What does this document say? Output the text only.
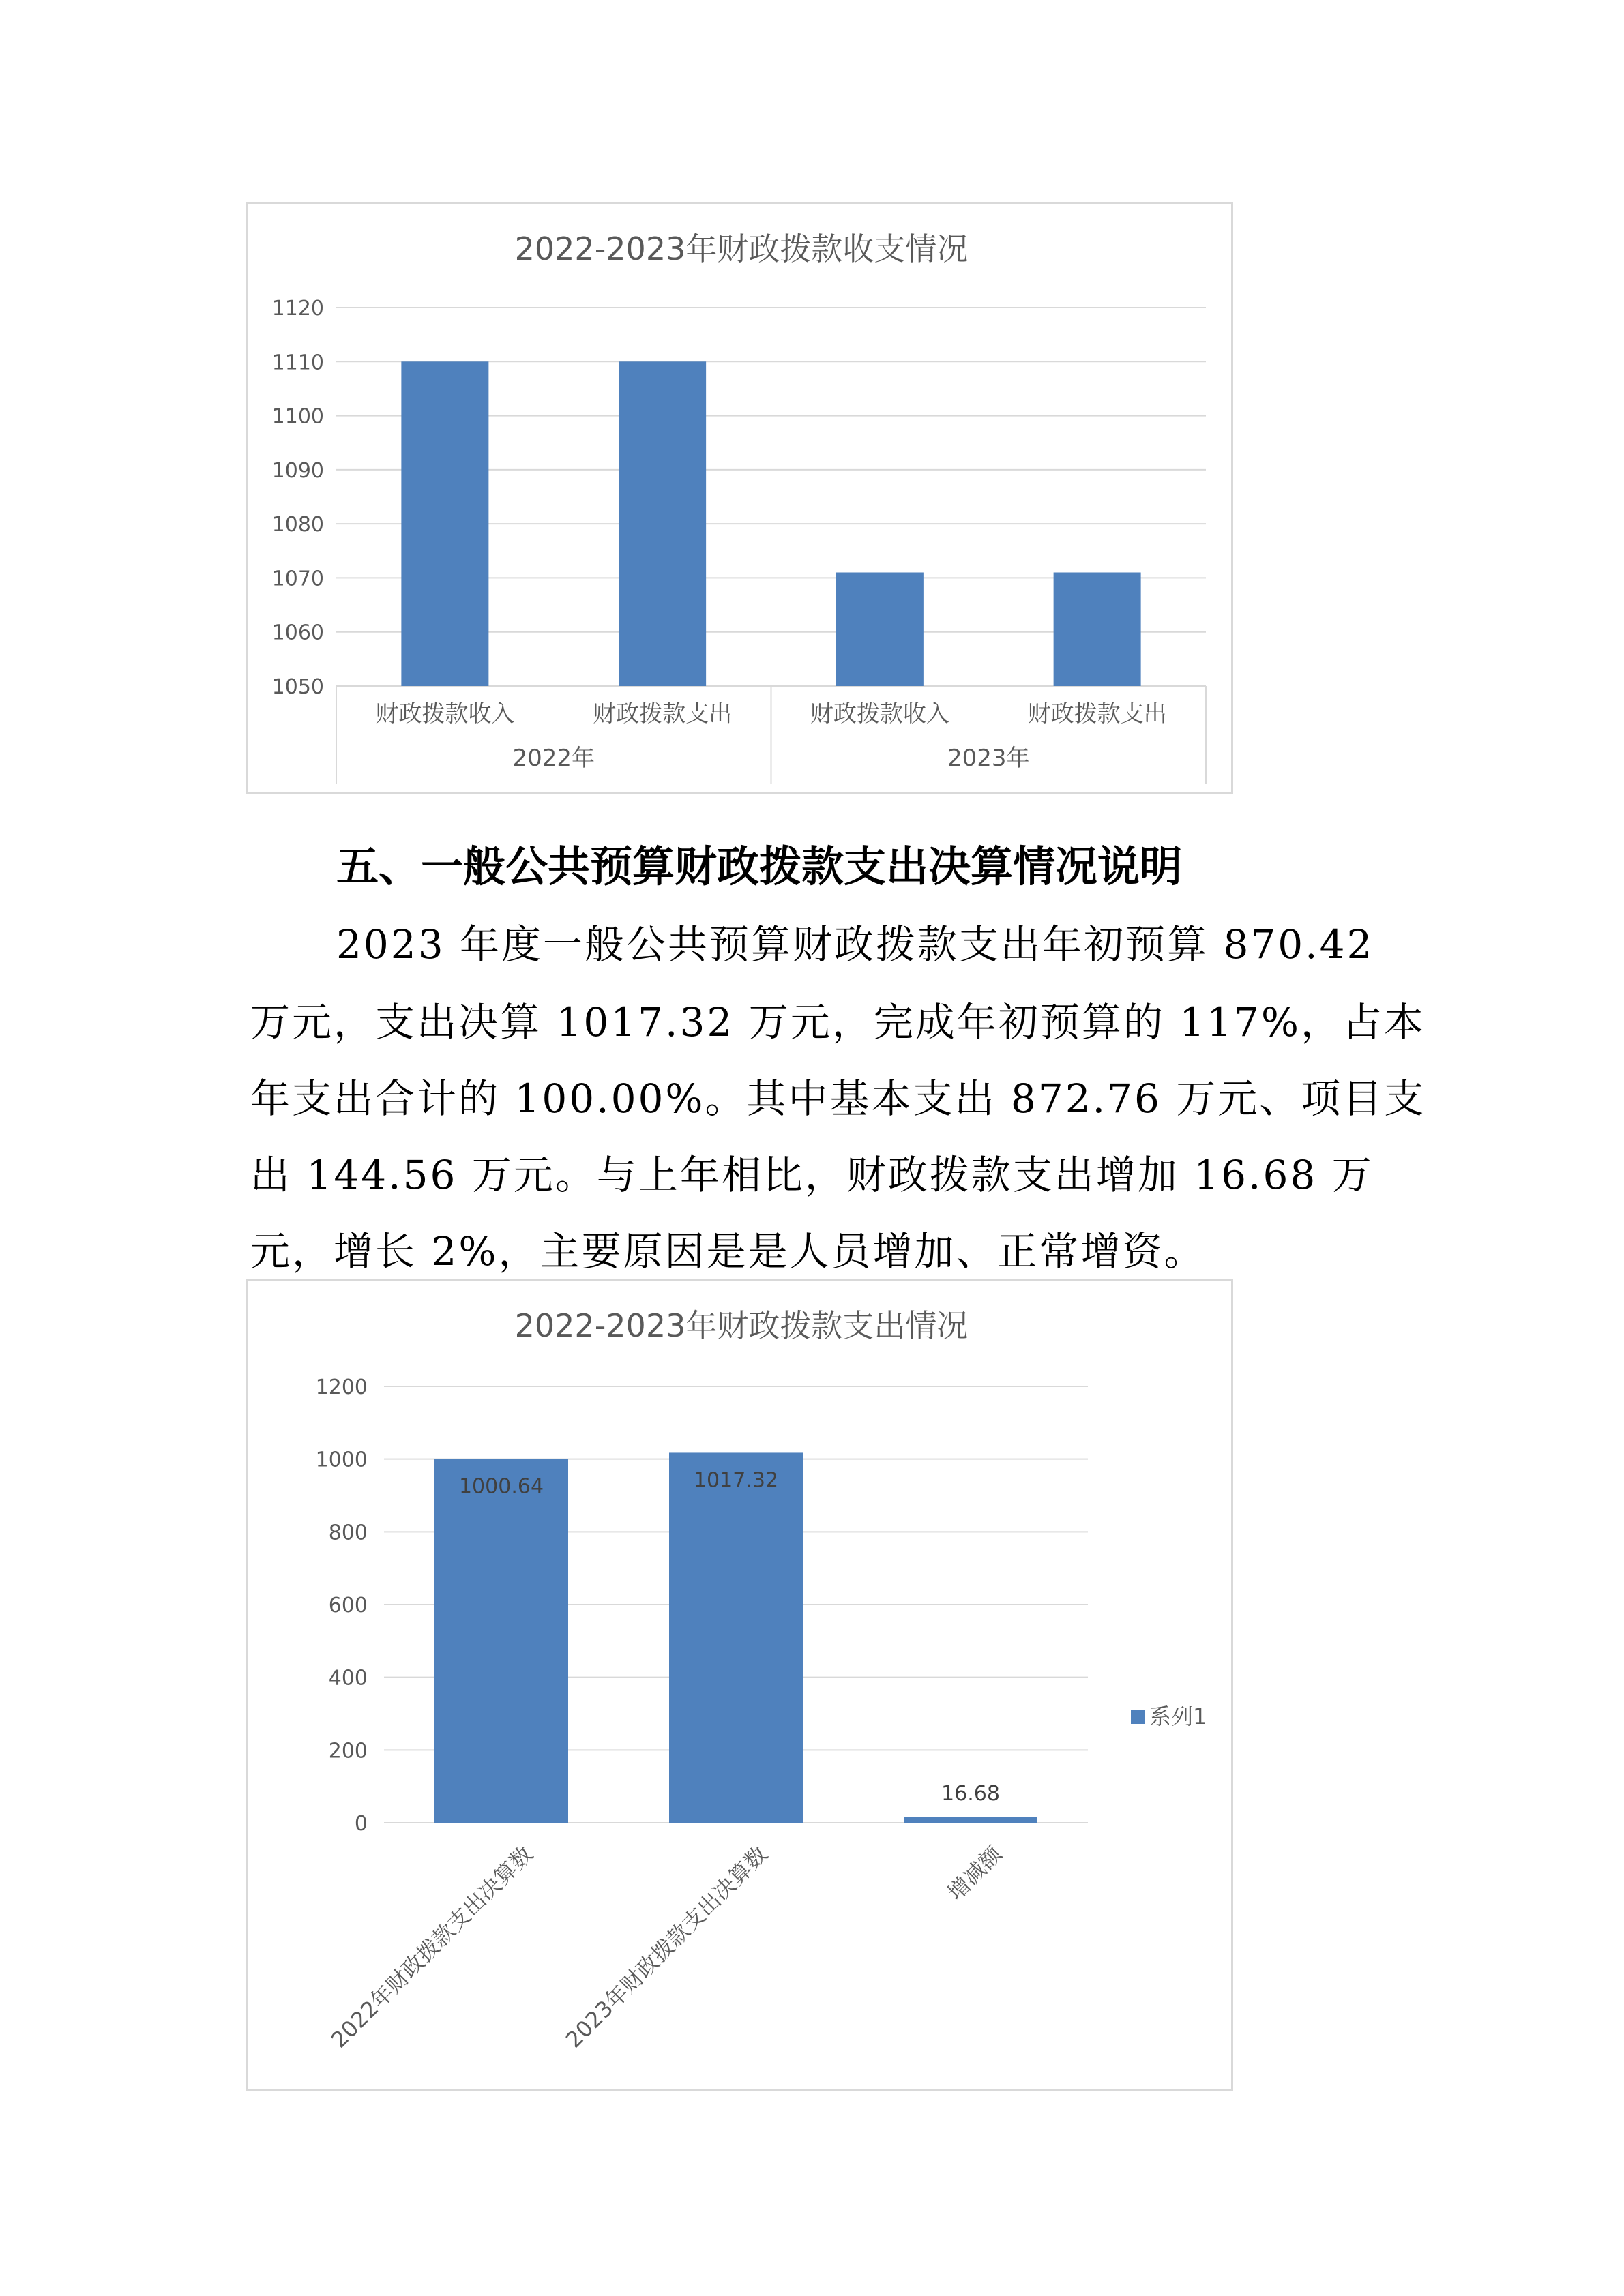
2022-2023年财政拨款收支情况
1120
1110
1100
1090
1080
1070
1060
1050
财政拨款收入	财政拨款支出	财政拨款收入	财政拨款支出
2022年	2023年
五、一般公共预算财政拨款支出决算情况说明
2023 年度一般公共预算财政拨款支出年初预算 870.42
万元，支出决算 1017.32 万元，完成年初预算的 117%，占本
年支出合计的 100.00%。其中基本支出 872.76 万元、项目支
出 144.56 万元。与上年相比，财政拨款支出增加 16.68 万
元，增长 2%，主要原因是是人员增加、正常增资。
2022-2023年财政拨款支出情况
1200
1000
800
600
400
200
0
1000.64
2022年财政拨款支出决算数
1017.32
2023年财政拨款支出决算数
16.68
增减额
系列1
